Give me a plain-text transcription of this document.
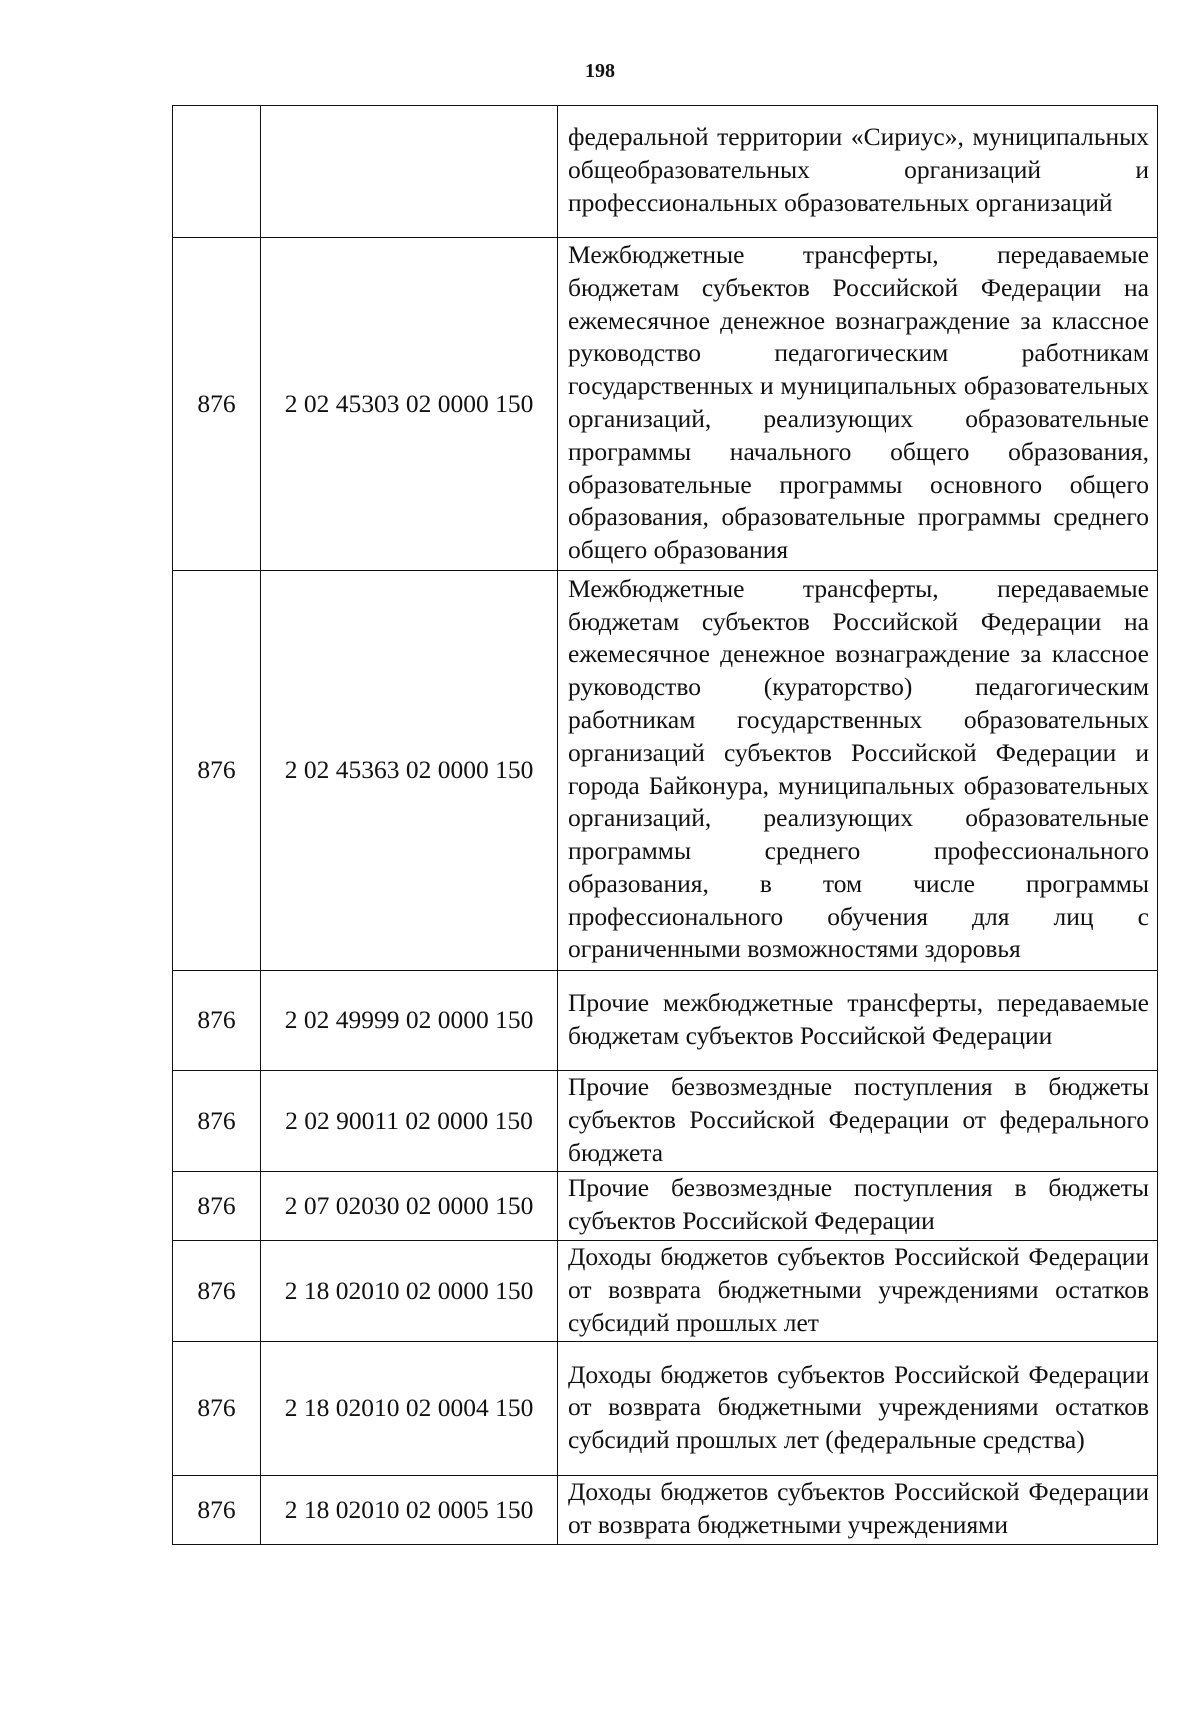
198

		федеральной территории «Сириус», муниципальных общеобразовательных организаций и профессиональных образовательных организаций

876	2 02 45303 02 0000 150	Межбюджетные трансферты, передаваемые бюджетам субъектов Российской Федерации на ежемесячное денежное вознаграждение за классное руководство педагогическим работникам государственных и муниципальных образовательных организаций, реализующих образовательные программы начального общего образования, образовательные программы основного общего образования, образовательные программы среднего общего образования

876	2 02 45363 02 0000 150	Межбюджетные трансферты, передаваемые бюджетам субъектов Российской Федерации на ежемесячное денежное вознаграждение за классное руководство (кураторство) педагогическим работникам государственных образовательных организаций субъектов Российской Федерации и города Байконура, муниципальных образовательных организаций, реализующих образовательные программы среднего профессионального образования, в том числе программы профессионального обучения для лиц с ограниченными возможностями здоровья

876	2 02 49999 02 0000 150	Прочие межбюджетные трансферты, передаваемые бюджетам субъектов Российской Федерации

876	2 02 90011 02 0000 150	Прочие безвозмездные поступления в бюджеты субъектов Российской Федерации от федерального бюджета

876	2 07 02030 02 0000 150	Прочие безвозмездные поступления в бюджеты субъектов Российской Федерации

876	2 18 02010 02 0000 150	Доходы бюджетов субъектов Российской Федерации от возврата бюджетными учреждениями остатков субсидий прошлых лет

876	2 18 02010 02 0004 150	Доходы бюджетов субъектов Российской Федерации от возврата бюджетными учреждениями остатков субсидий прошлых лет (федеральные средства)

876	2 18 02010 02 0005 150	Доходы бюджетов субъектов Российской Федерации от возврата бюджетными учреждениями
